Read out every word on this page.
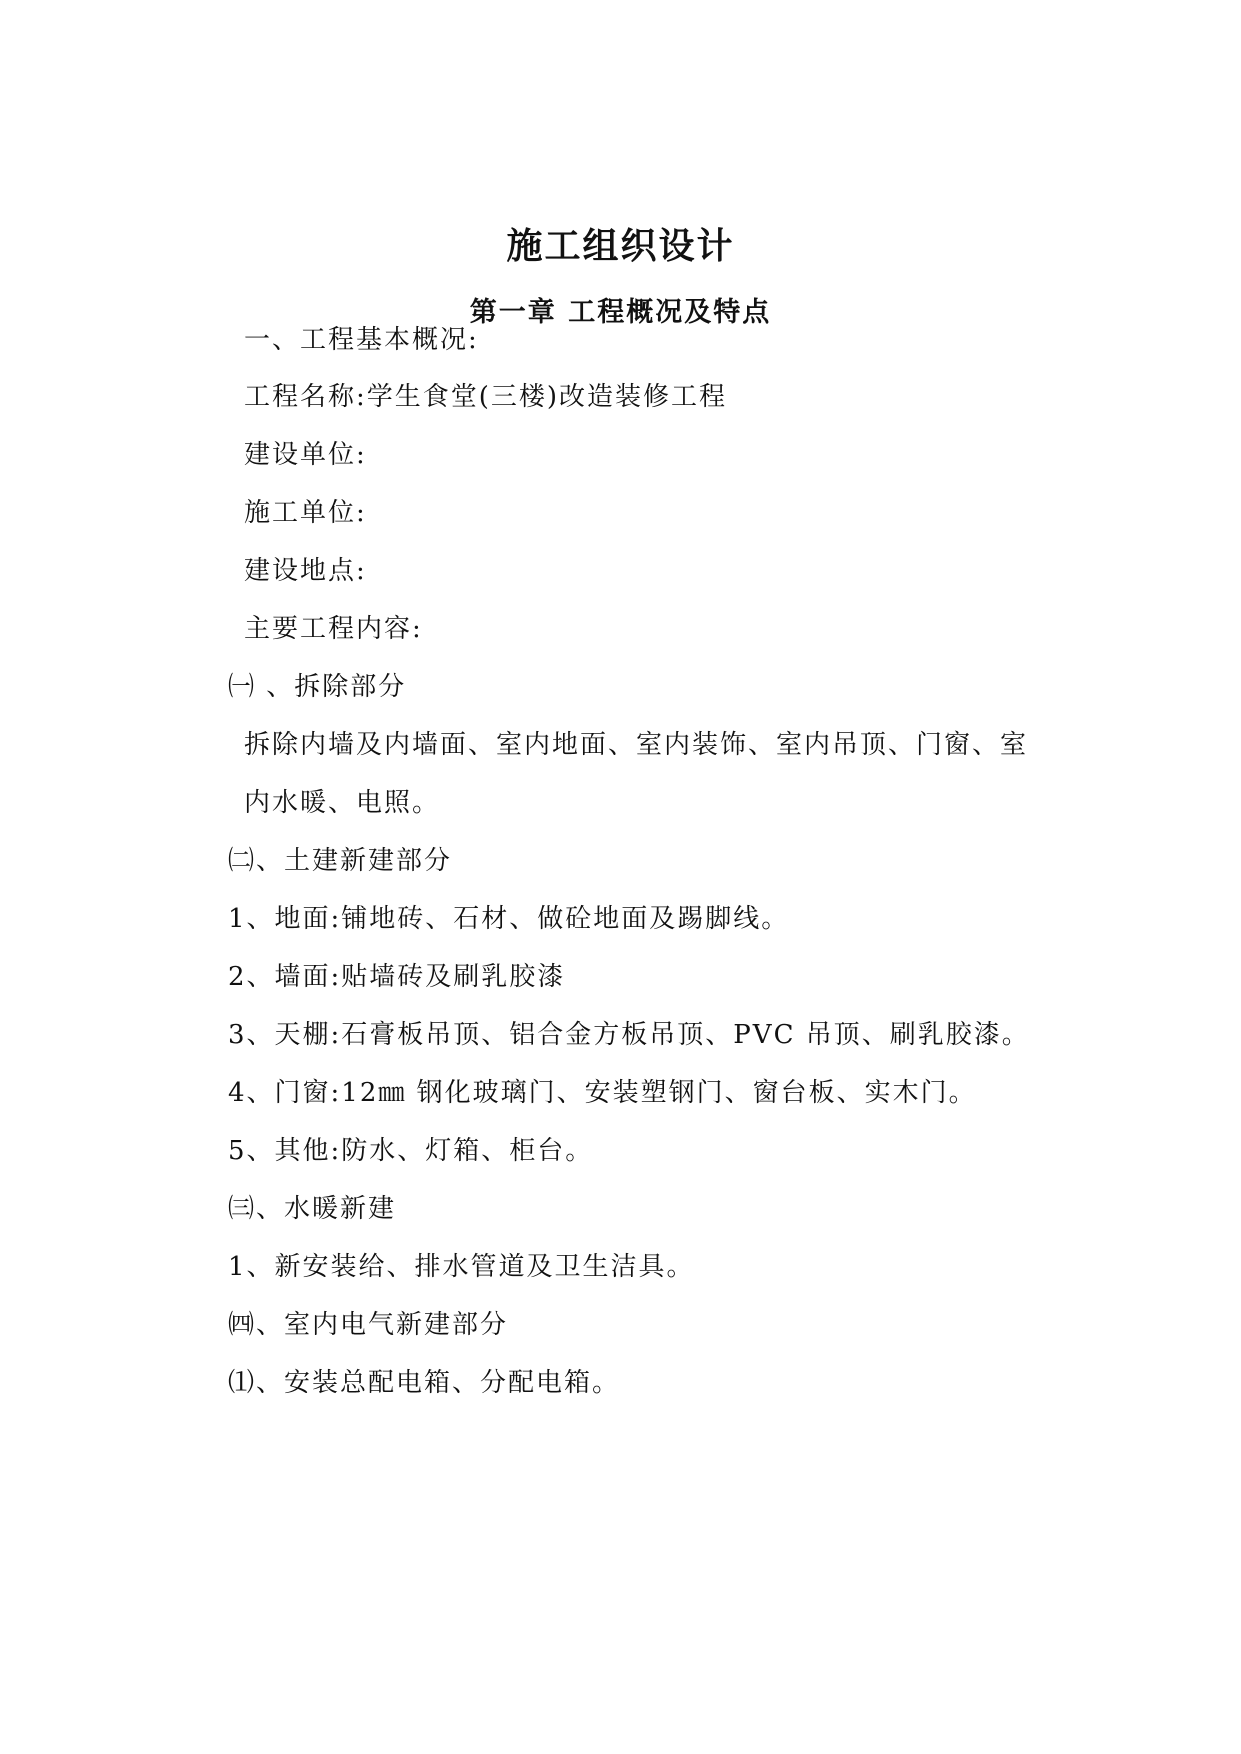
施工组织设计
第一章 工程概况及特点
一、工程基本概况:
工程名称:学生食堂(三楼)改造装修工程
建设单位:
施工单位:
建设地点:
主要工程内容:
㈠ 、拆除部分
拆除内墙及内墙面、室内地面、室内装饰、室内吊顶、门窗、室
内水暖、电照。
㈡、土建新建部分
1、地面:铺地砖、石材、做砼地面及踢脚线。
2、墙面:贴墙砖及刷乳胶漆
3、天棚:石膏板吊顶、铝合金方板吊顶、PVC 吊顶、刷乳胶漆。
4、门窗:12㎜ 钢化玻璃门、安装塑钢门、窗台板、实木门。
5、其他:防水、灯箱、柜台。
㈢、水暖新建
1、新安装给、排水管道及卫生洁具。
㈣、室内电气新建部分
⑴、安装总配电箱、分配电箱。
